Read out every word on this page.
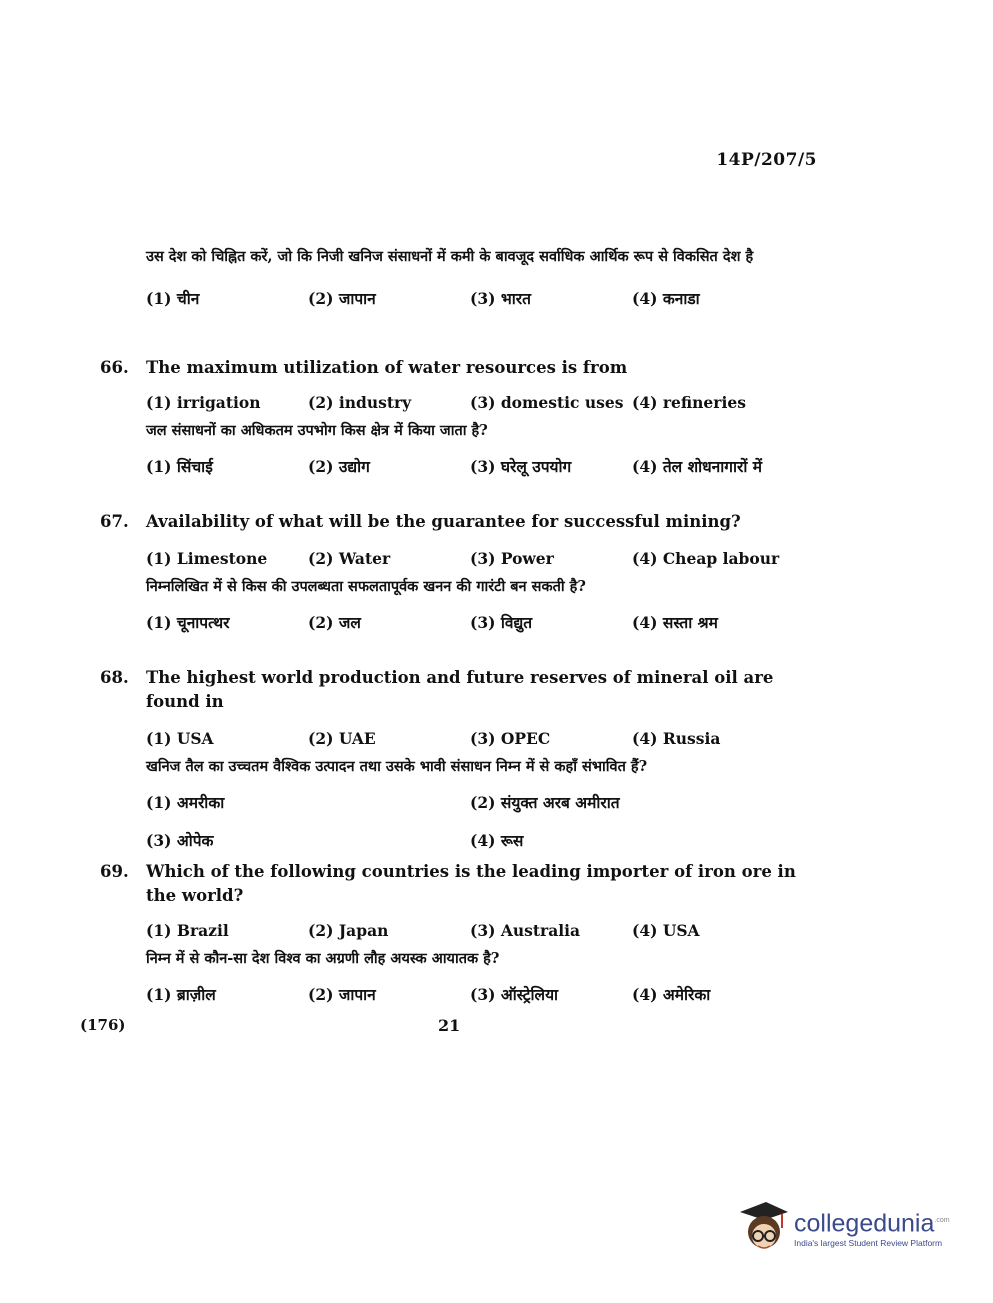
14P/207/5

उस देश को चिह्नित करें, जो कि निजी खनिज संसाधनों में कमी के बावजूद सर्वाधिक आर्थिक रूप से विकसित देश है

(1) चीन	(2) जापान	(3) भारत	(4) कनाडा
66.	The maximum utilization of water resources is from
(1) irrigation	(2) industry	(3) domestic uses (4) refineries
जल संसाधनों का अधिकतम उपभोग किस क्षेत्र में किया जाता है?
(1) सिंचाई	(2) उद्योग	(3) घरेलू उपयोग	(4) तेल शोधनागारों में
67.	Availability of what will be the guarantee for successful mining?
(1) Limestone	(2) Water	(3) Power	(4) Cheap labour
निम्नलिखित में से किस की उपलब्धता सफलतापूर्वक खनन की गारंटी बन सकती है?
(1) चूनापत्थर	(2) जल	(3) विद्युत	(4) सस्ता श्रम
68.	The highest world production and future reserves of mineral oil are found in
(1) USA	(2) UAE	(3) OPEC	(4) Russia
खनिज तैल का उच्चतम वैश्विक उत्पादन तथा उसके भावी संसाधन निम्न में से कहाँ संभावित हैं?
(1) अमरीका	(2) संयुक्त अरब अमीरात
(3) ओपेक	(4) रूस
69.	Which of the following countries is the leading importer of iron ore in the world?
(1) Brazil	(2) Japan	(3) Australia	(4) USA
निम्न में से कौन-सा देश विश्व का अग्रणी लौह अयस्क आयातक है?
(1) ब्राज़ील	(2) जापान	(3) ऑस्ट्रेलिया	(4) अमेरिका
(176)	21
collegedunia$^{.com}$
India's largest Student Review Platform
